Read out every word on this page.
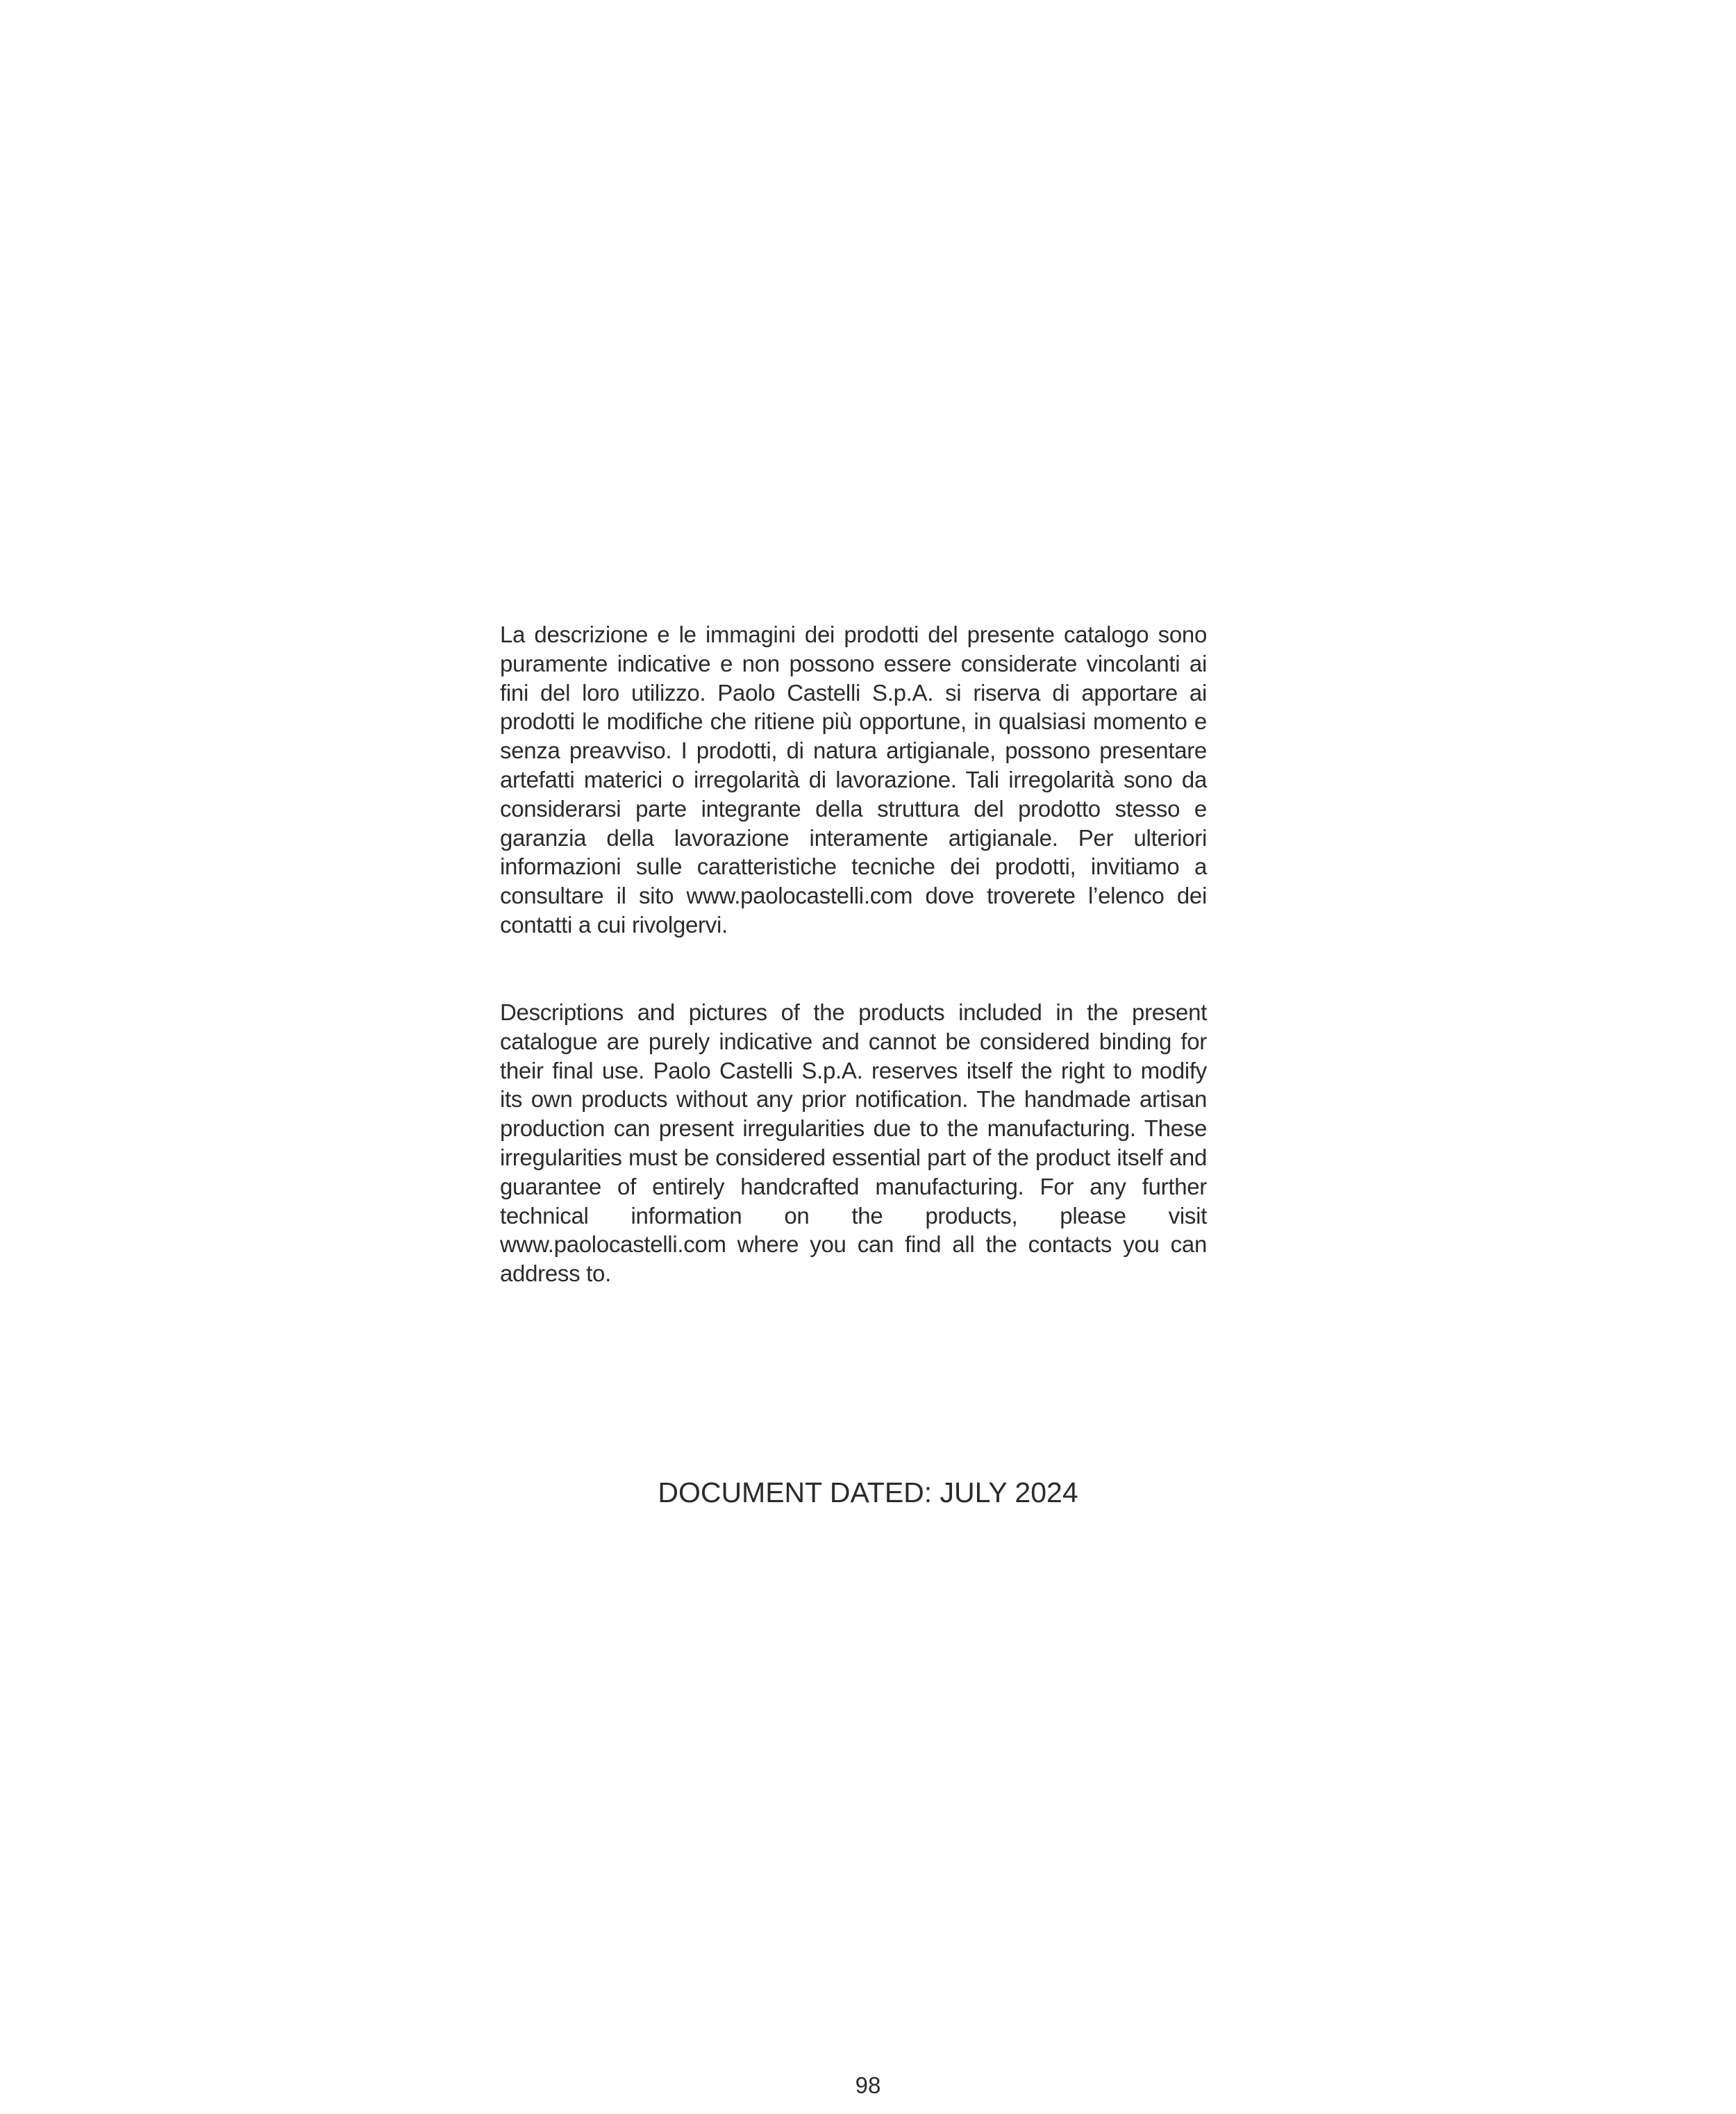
La descrizione e le immagini dei prodotti del presente catalogo sono puramente indicative e non possono essere considerate vincolanti ai fini del loro utilizzo. Paolo Castelli S.p.A. si riserva di apportare ai prodotti le modifiche che ritiene più opportune, in qualsiasi momento e senza preavviso. I prodotti, di natura artigianale, possono presentare artefatti materici o irregolarità di lavorazione. Tali irregolarità sono da considerarsi parte integrante della struttura del prodotto stesso e garanzia della lavorazione interamente artigianale. Per ulteriori informazioni sulle caratteristiche tecniche dei prodotti, invitiamo a consultare il sito www.paolocastelli.com dove troverete l’elenco dei contatti a cui rivolgervi.

Descriptions and pictures of the products included in the present catalogue are purely indicative and cannot be considered binding for their final use. Paolo Castelli S.p.A. reserves itself the right to modify its own products without any prior notification. The handmade artisan production can present irregularities due to the manufacturing. These irregularities must be considered essential part of the product itself and guarantee of entirely handcrafted manufacturing. For any further technical information on the products, please visit www.paolocastelli.com where you can find all the contacts you can address to.

DOCUMENT DATED: JULY 2024

98
